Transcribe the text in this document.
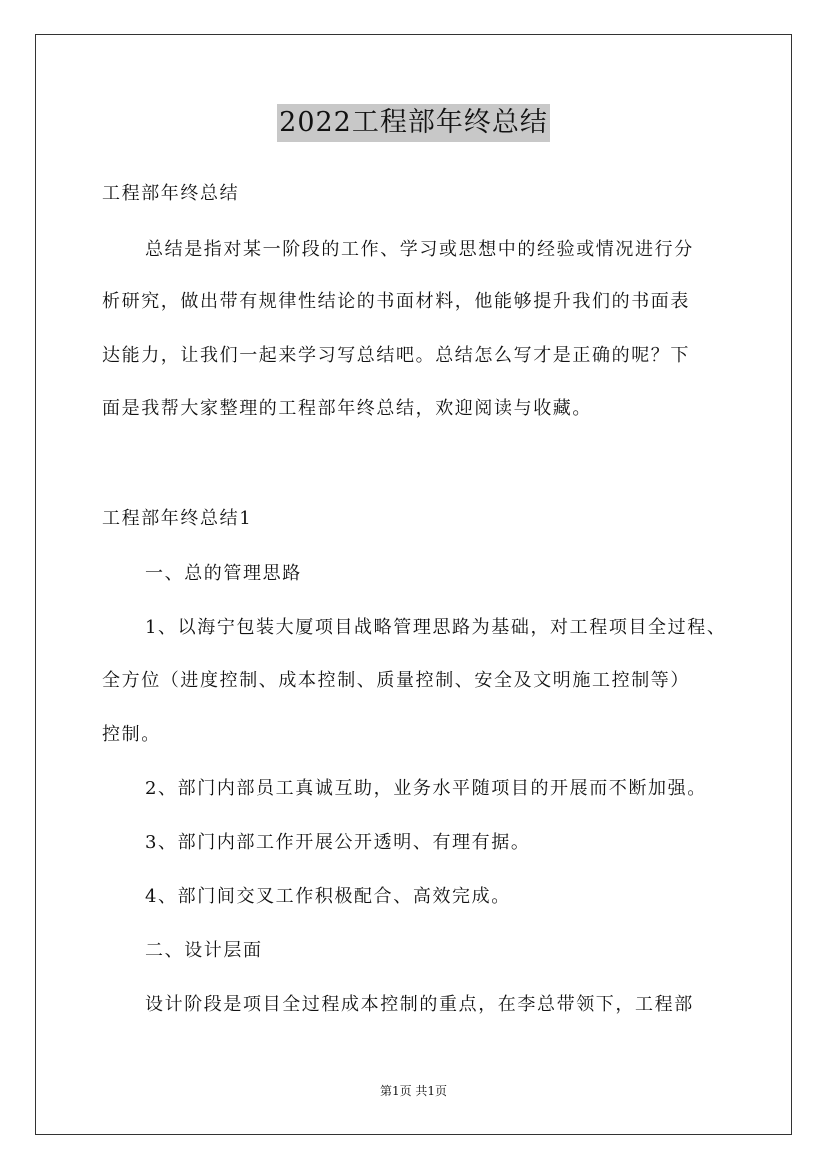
2022工程部年终总结
工程部年终总结
总结是指对某一阶段的工作、学习或思想中的经验或情况进行分
析研究，做出带有规律性结论的书面材料，他能够提升我们的书面表
达能力，让我们一起来学习写总结吧。总结怎么写才是正确的呢？下
面是我帮大家整理的工程部年终总结，欢迎阅读与收藏。
工程部年终总结1
一、总的管理思路
1、以海宁包装大厦项目战略管理思路为基础，对工程项目全过程、
全方位（进度控制、成本控制、质量控制、安全及文明施工控制等）
控制。
2、部门内部员工真诚互助，业务水平随项目的开展而不断加强。
3、部门内部工作开展公开透明、有理有据。
4、部门间交叉工作积极配合、高效完成。
二、设计层面
设计阶段是项目全过程成本控制的重点，在李总带领下，工程部
第1页 共1页
